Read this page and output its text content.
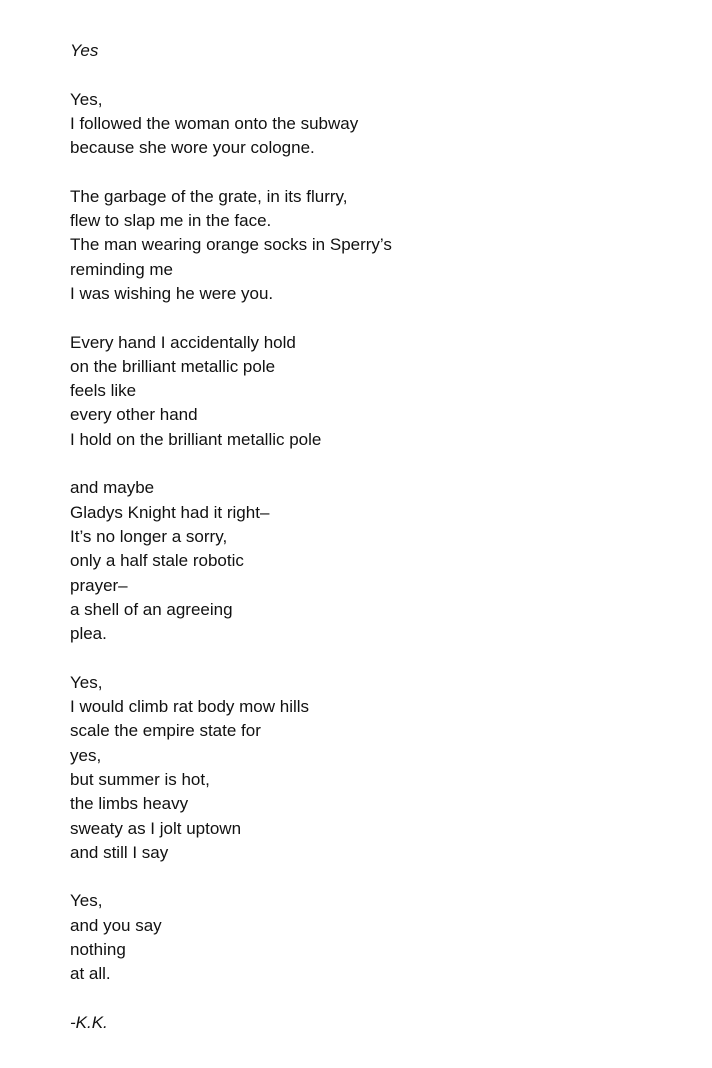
Yes

Yes,
I followed the woman onto the subway
because she wore your cologne.
The garbage of the grate, in its flurry,
flew to slap me in the face.
The man wearing orange socks in Sperry’s
reminding me
I was wishing he were you.
Every hand I accidentally hold
on the brilliant metallic pole
feels like
every other hand
I hold on the brilliant metallic pole
and maybe
Gladys Knight had it right–
It’s no longer a sorry,
only a half stale robotic
prayer–
a shell of an agreeing
plea.
Yes,
I would climb rat body mow hills
scale the empire state for
yes,
but summer is hot,
the limbs heavy
sweaty as I jolt uptown
and still I say
Yes,
and you say
nothing
at all.

-K.K.
